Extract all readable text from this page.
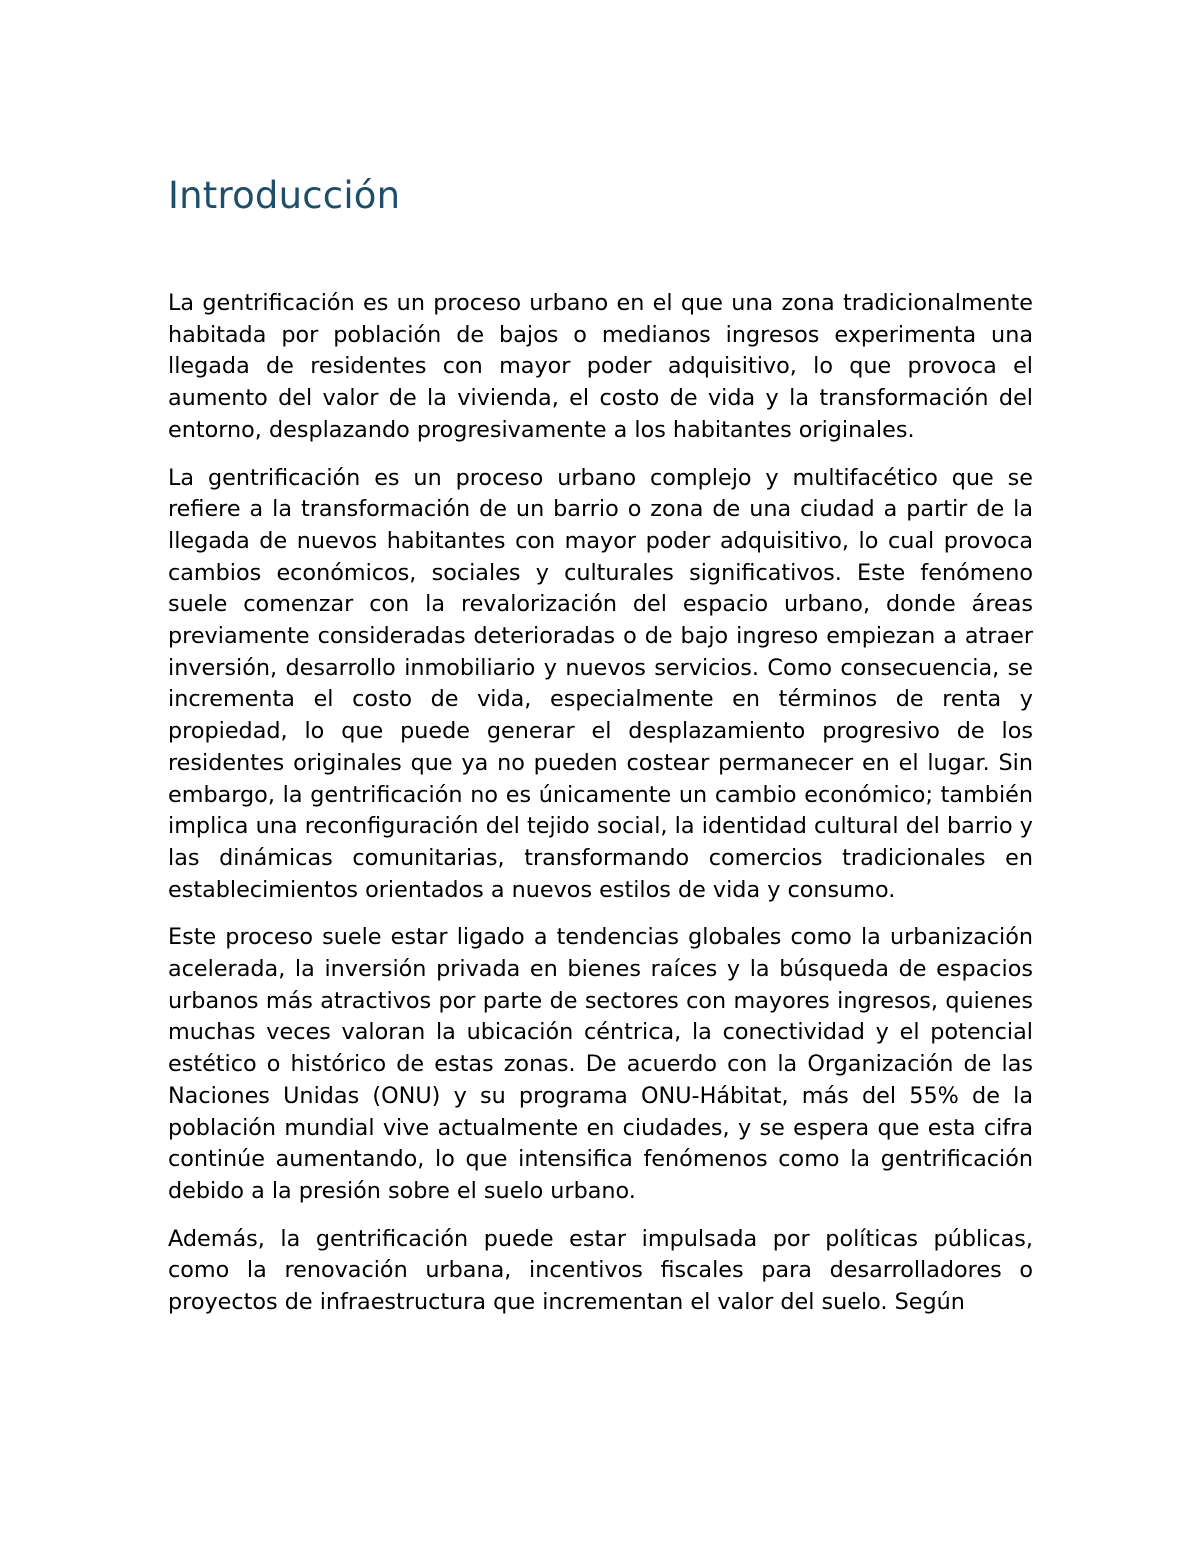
Introducción

La gentrificación es un proceso urbano en el que una zona tradicionalmente habitada por población de bajos o medianos ingresos experimenta una llegada de residentes con mayor poder adquisitivo, lo que provoca el aumento del valor de la vivienda, el costo de vida y la transformación del entorno, desplazando progresivamente a los habitantes originales.

La gentrificación es un proceso urbano complejo y multifacético que se refiere a la transformación de un barrio o zona de una ciudad a partir de la llegada de nuevos habitantes con mayor poder adquisitivo, lo cual provoca cambios económicos, sociales y culturales significativos. Este fenómeno suele comenzar con la revalorización del espacio urbano, donde áreas previamente consideradas deterioradas o de bajo ingreso empiezan a atraer inversión, desarrollo inmobiliario y nuevos servicios. Como consecuencia, se incrementa el costo de vida, especialmente en términos de renta y propiedad, lo que puede generar el desplazamiento progresivo de los residentes originales que ya no pueden costear permanecer en el lugar. Sin embargo, la gentrificación no es únicamente un cambio económico; también implica una reconfiguración del tejido social, la identidad cultural del barrio y las dinámicas comunitarias, transformando comercios tradicionales en establecimientos orientados a nuevos estilos de vida y consumo.

Este proceso suele estar ligado a tendencias globales como la urbanización acelerada, la inversión privada en bienes raíces y la búsqueda de espacios urbanos más atractivos por parte de sectores con mayores ingresos, quienes muchas veces valoran la ubicación céntrica, la conectividad y el potencial estético o histórico de estas zonas. De acuerdo con la Organización de las Naciones Unidas (ONU) y su programa ONU-Hábitat, más del 55% de la población mundial vive actualmente en ciudades, y se espera que esta cifra continúe aumentando, lo que intensifica fenómenos como la gentrificación debido a la presión sobre el suelo urbano.

Además, la gentrificación puede estar impulsada por políticas públicas, como la renovación urbana, incentivos fiscales para desarrolladores o proyectos de infraestructura que incrementan el valor del suelo. Según
